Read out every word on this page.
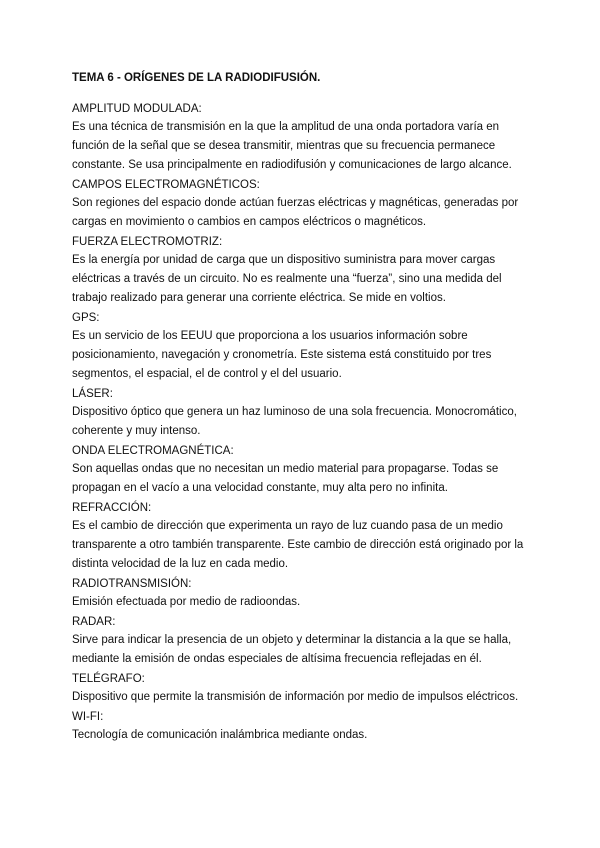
TEMA 6 - ORÍGENES DE LA RADIODIFUSIÓN.

AMPLITUD MODULADA:

Es una técnica de transmisión en la que la amplitud de una onda portadora varía en función de la señal que se desea transmitir, mientras que su frecuencia permanece constante. Se usa principalmente en radiodifusión y comunicaciones de largo alcance.

CAMPOS ELECTROMAGNÉTICOS:

Son regiones del espacio donde actúan fuerzas eléctricas y magnéticas, generadas por cargas en movimiento o cambios en campos eléctricos o magnéticos.

FUERZA ELECTROMOTRIZ:

Es la energía por unidad de carga que un dispositivo suministra para mover cargas eléctricas a través de un circuito. No es realmente una “fuerza”, sino una medida del trabajo realizado para generar una corriente eléctrica. Se mide en voltios.

GPS:

Es un servicio de los EEUU que proporciona a los usuarios información sobre posicionamiento, navegación y cronometría. Este sistema está constituido por tres segmentos, el espacial, el de control y el del usuario.

LÁSER:

Dispositivo óptico que genera un haz luminoso de una sola frecuencia. Monocromático, coherente y muy intenso.

ONDA ELECTROMAGNÉTICA:

Son aquellas ondas que no necesitan un medio material para propagarse. Todas se propagan en el vacío a una velocidad constante, muy alta pero no infinita.

REFRACCIÓN:

Es el cambio de dirección que experimenta un rayo de luz cuando pasa de un medio transparente a otro también transparente. Este cambio de dirección está originado por la distinta velocidad de la luz en cada medio.

RADIOTRANSMISIÓN:

Emisión efectuada por medio de radioondas.

RADAR:

Sirve para indicar la presencia de un objeto y determinar la distancia a la que se halla, mediante la emisión de ondas especiales de altísima frecuencia reflejadas en él.

TELÉGRAFO:

Dispositivo que permite la transmisión de información por medio de impulsos eléctricos.

WI-FI:

Tecnología de comunicación inalámbrica mediante ondas.
